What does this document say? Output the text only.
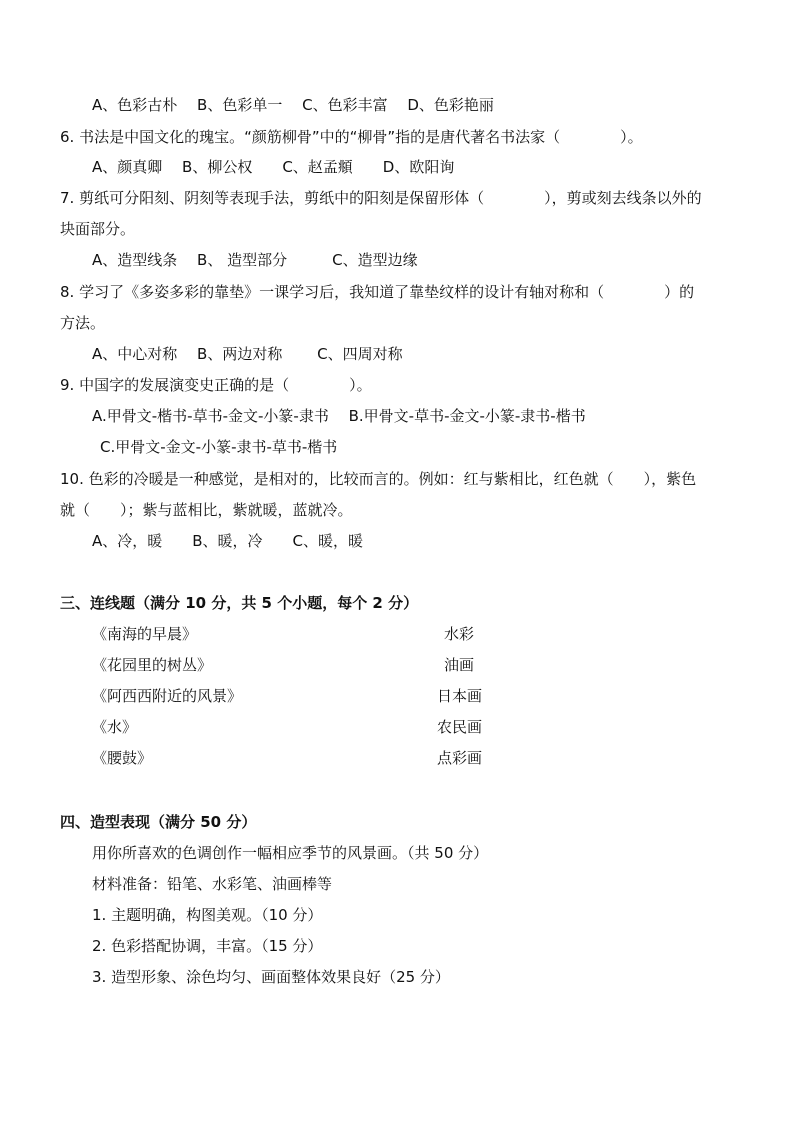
A、色彩古朴　 B、色彩单一　 C、色彩丰富　 D、色彩艳丽
6. 书法是中国文化的瑰宝。“颜筋柳骨”中的“柳骨”指的是唐代著名书法家（　　　　）。
A、颜真卿　 B、柳公权　　C、赵孟頫　　D、欧阳询
7. 剪纸可分阳刻、阴刻等表现手法，剪纸中的阳刻是保留形体（　　　　），剪或刻去线条以外的
块面部分。
A、造型线条　 B、 造型部分　　　C、造型边缘
8. 学习了《多姿多彩的靠垫》一课学习后，我知道了靠垫纹样的设计有轴对称和（　　　　）的
方法。
A、中心对称　 B、两边对称　　 C、四周对称
9. 中国字的发展演变史正确的是（　　　　）。
A.甲骨文-楷书-草书-金文-小篆-隶书　 B.甲骨文-草书-金文-小篆-隶书-楷书
C.甲骨文-金文-小篆-隶书-草书-楷书
10. 色彩的冷暖是一种感觉，是相对的，比较而言的。例如：红与紫相比，红色就（　　），紫色
就（　　）；紫与蓝相比，紫就暖，蓝就冷。
A、冷，暖　　B、暖，冷　　C、暖，暖
三、连线题（满分 10 分，共 5 个小题，每个 2 分）
《南海的早晨》	水彩
《花园里的树丛》	油画
《阿西西附近的风景》	日本画
《水》	农民画
《腰鼓》	点彩画
四、造型表现（满分 50 分）
用你所喜欢的色调创作一幅相应季节的风景画。（共 50 分）
材料准备：铅笔、水彩笔、油画棒等
1. 主题明确，构图美观。（10 分）
2. 色彩搭配协调，丰富。（15 分）
3. 造型形象、涂色均匀、画面整体效果良好（25 分）
